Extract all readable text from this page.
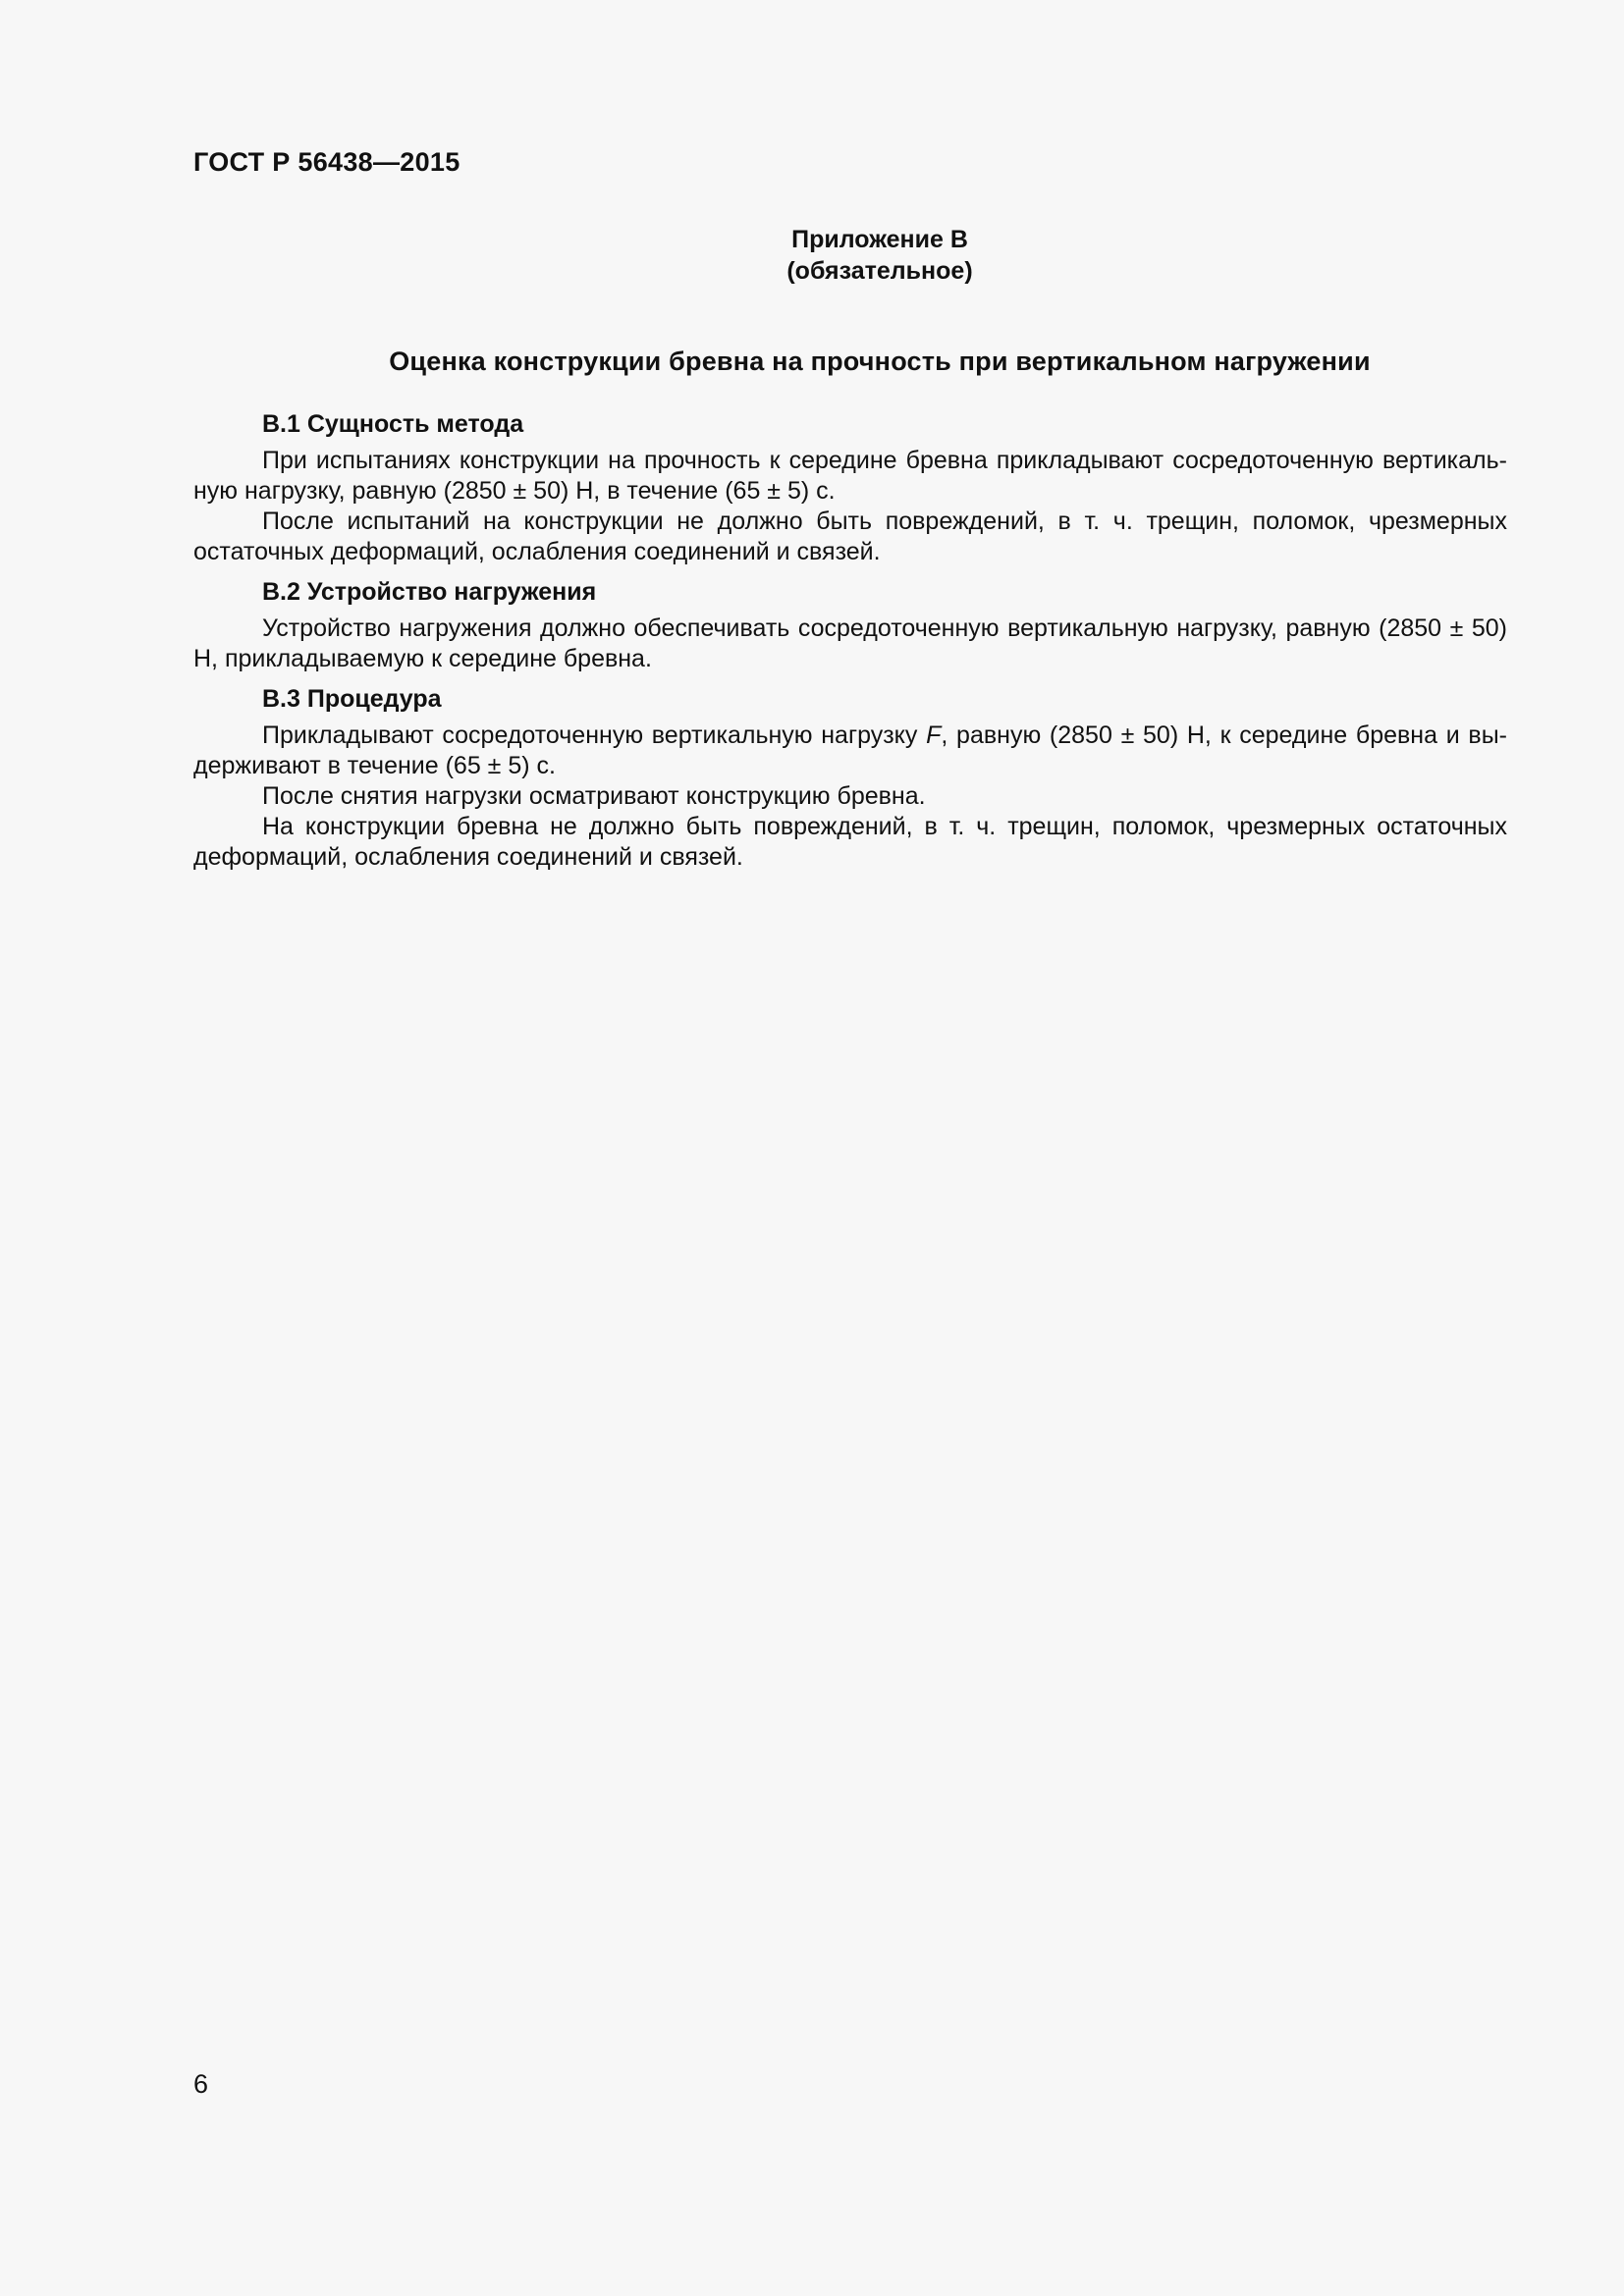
ГОСТ Р 56438—2015

Приложение В
(обязательное)
Оценка конструкции бревна на прочность при вертикальном нагружении

В.1 Сущность метода

При испытаниях конструкции на прочность к середине бревна прикладывают сосредоточенную вертикальную нагрузку, равную (2850 ± 50) Н, в течение (65 ± 5) с.

После испытаний на конструкции не должно быть повреждений, в т. ч. трещин, поломок, чрезмерных остаточных деформаций, ослабления соединений и связей.

В.2 Устройство нагружения

Устройство нагружения должно обеспечивать сосредоточенную вертикальную нагрузку, равную (2850 ± 50) Н, прикладываемую к середине бревна.

В.3 Процедура

Прикладывают сосредоточенную вертикальную нагрузку F, равную (2850 ± 50) Н, к середине бревна и выдерживают в течение (65 ± 5) с.

После снятия нагрузки осматривают конструкцию бревна.

На конструкции бревна не должно быть повреждений, в т. ч. трещин, поломок, чрезмерных остаточных деформаций, ослабления соединений и связей.

6
